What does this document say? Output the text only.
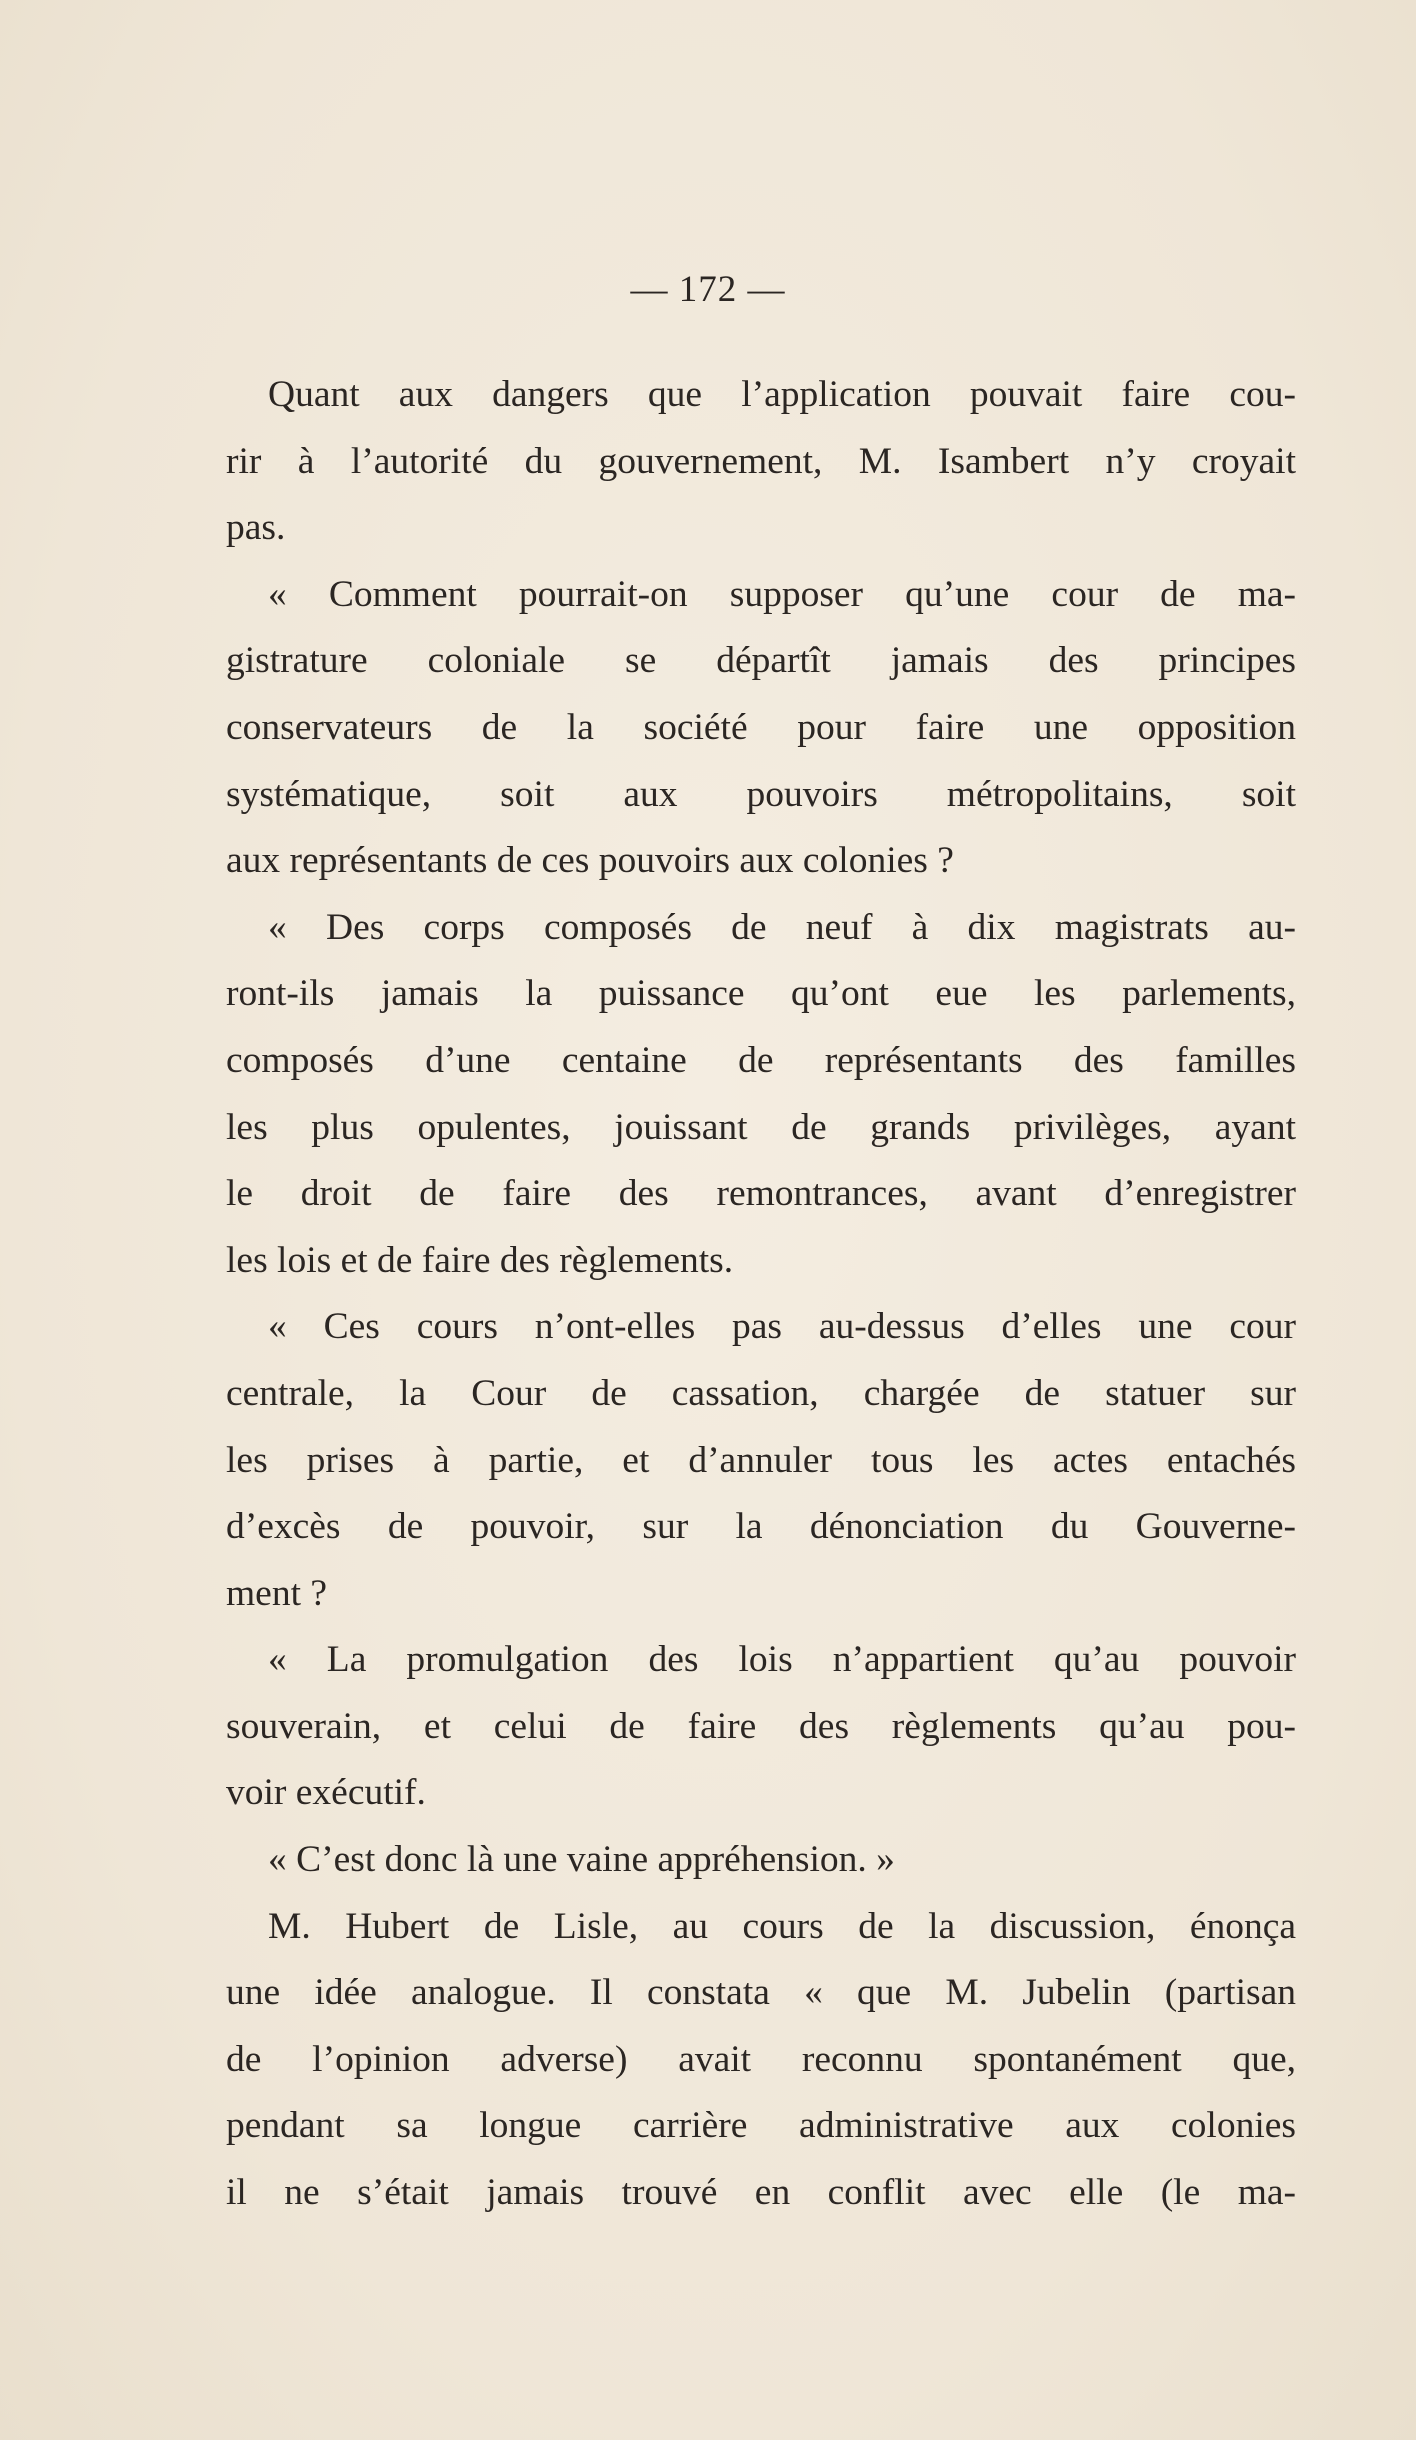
— 172 —
Quant aux dangers que l’application pouvait faire cou-
rir à l’autorité du gouvernement, M. Isambert n’y croyait
pas.
« Comment pourrait-on supposer qu’une cour de ma-
gistrature coloniale se départît jamais des principes
conservateurs de la société pour faire une opposition
systématique, soit aux pouvoirs métropolitains, soit
aux représentants de ces pouvoirs aux colonies ?
« Des corps composés de neuf à dix magistrats au-
ront-ils jamais la puissance qu’ont eue les parlements,
composés d’une centaine de représentants des familles
les plus opulentes, jouissant de grands privilèges, ayant
le droit de faire des remontrances, avant d’enregistrer
les lois et de faire des règlements.
« Ces cours n’ont-elles pas au-dessus d’elles une cour
centrale, la Cour de cassation, chargée de statuer sur
les prises à partie, et d’annuler tous les actes entachés
d’excès de pouvoir, sur la dénonciation du Gouverne-
ment ?
« La promulgation des lois n’appartient qu’au pouvoir
souverain, et celui de faire des règlements qu’au pou-
voir exécutif.
« C’est donc là une vaine appréhension. »
M. Hubert de Lisle, au cours de la discussion, énonça
une idée analogue. Il constata « que M. Jubelin (partisan
de l’opinion adverse) avait reconnu spontanément que,
pendant sa longue carrière administrative aux colonies
il ne s’était jamais trouvé en conflit avec elle (le ma-
